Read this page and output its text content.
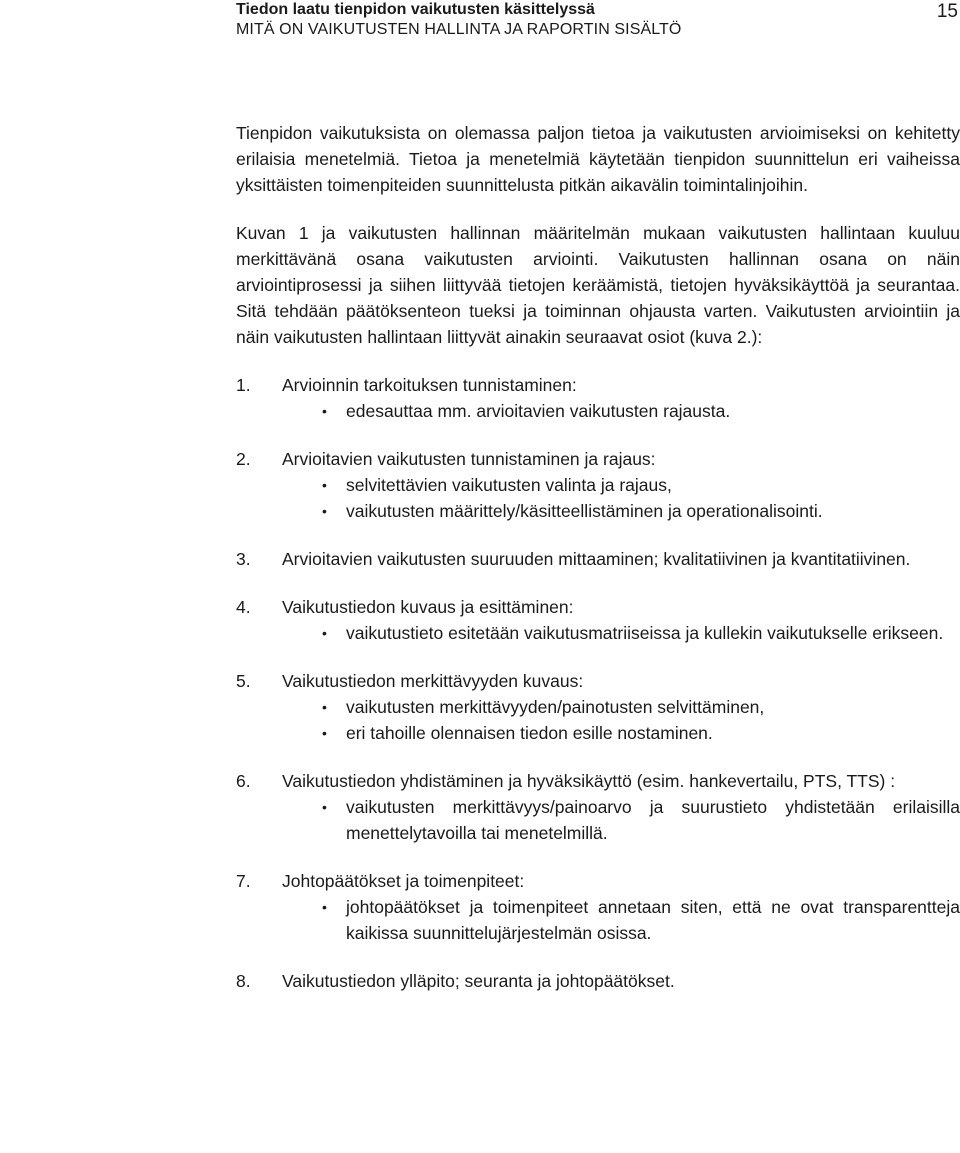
Tiedon laatu tienpidon vaikutusten käsittelyssä
MITÄ ON VAIKUTUSTEN HALLINTA JA RAPORTIN SISÄLTÖ
15

Tienpidon vaikutuksista on olemassa paljon tietoa ja vaikutusten arvioimiseksi on kehitetty erilaisia menetelmiä. Tietoa ja menetelmiä käytetään tienpidon suunnittelun eri vaiheissa yksittäisten toimenpiteiden suunnittelusta pitkän aikavälin toimintalinjoihin.

Kuvan 1 ja vaikutusten hallinnan määritelmän mukaan vaikutusten hallintaan kuuluu merkittävänä osana vaikutusten arviointi. Vaikutusten hallinnan osana on näin arviointiprosessi ja siihen liittyvää tietojen keräämistä, tietojen hyväksikäyttöä ja seurantaa. Sitä tehdään päätöksenteon tueksi ja toiminnan ohjausta varten. Vaikutusten arviointiin ja näin vaikutusten hallintaan liittyvät ainakin seuraavat osiot (kuva 2.):

1. Arvioinnin tarkoituksen tunnistaminen:
•	edesauttaa mm. arvioitavien vaikutusten rajausta.
2. Arvioitavien vaikutusten tunnistaminen ja rajaus:
•	selvitettävien vaikutusten valinta ja rajaus,
•	vaikutusten määrittely/käsitteellistäminen ja operationalisointi.
3. Arvioitavien vaikutusten suuruuden mittaaminen; kvalitatiivinen ja kvantitatiivinen.
4. Vaikutustiedon kuvaus ja esittäminen:
•	vaikutustieto esitetään vaikutusmatriiseissa ja kullekin vaikutukselle erikseen.
5. Vaikutustiedon merkittävyyden kuvaus:
•	vaikutusten merkittävyyden/painotusten selvittäminen,
•	eri tahoille olennaisen tiedon esille nostaminen.
6. Vaikutustiedon yhdistäminen ja hyväksikäyttö (esim. hankevertailu, PTS, TTS) :
•	vaikutusten merkittävyys/painoarvo ja suurustieto yhdistetään erilaisilla menettelytavoilla tai menetelmillä.
7. Johtopäätökset ja toimenpiteet:
•	johtopäätökset ja toimenpiteet annetaan siten, että ne ovat transparentteja kaikissa suunnittelujärjestelmän osissa.
8. Vaikutustiedon ylläpito; seuranta ja johtopäätökset.
